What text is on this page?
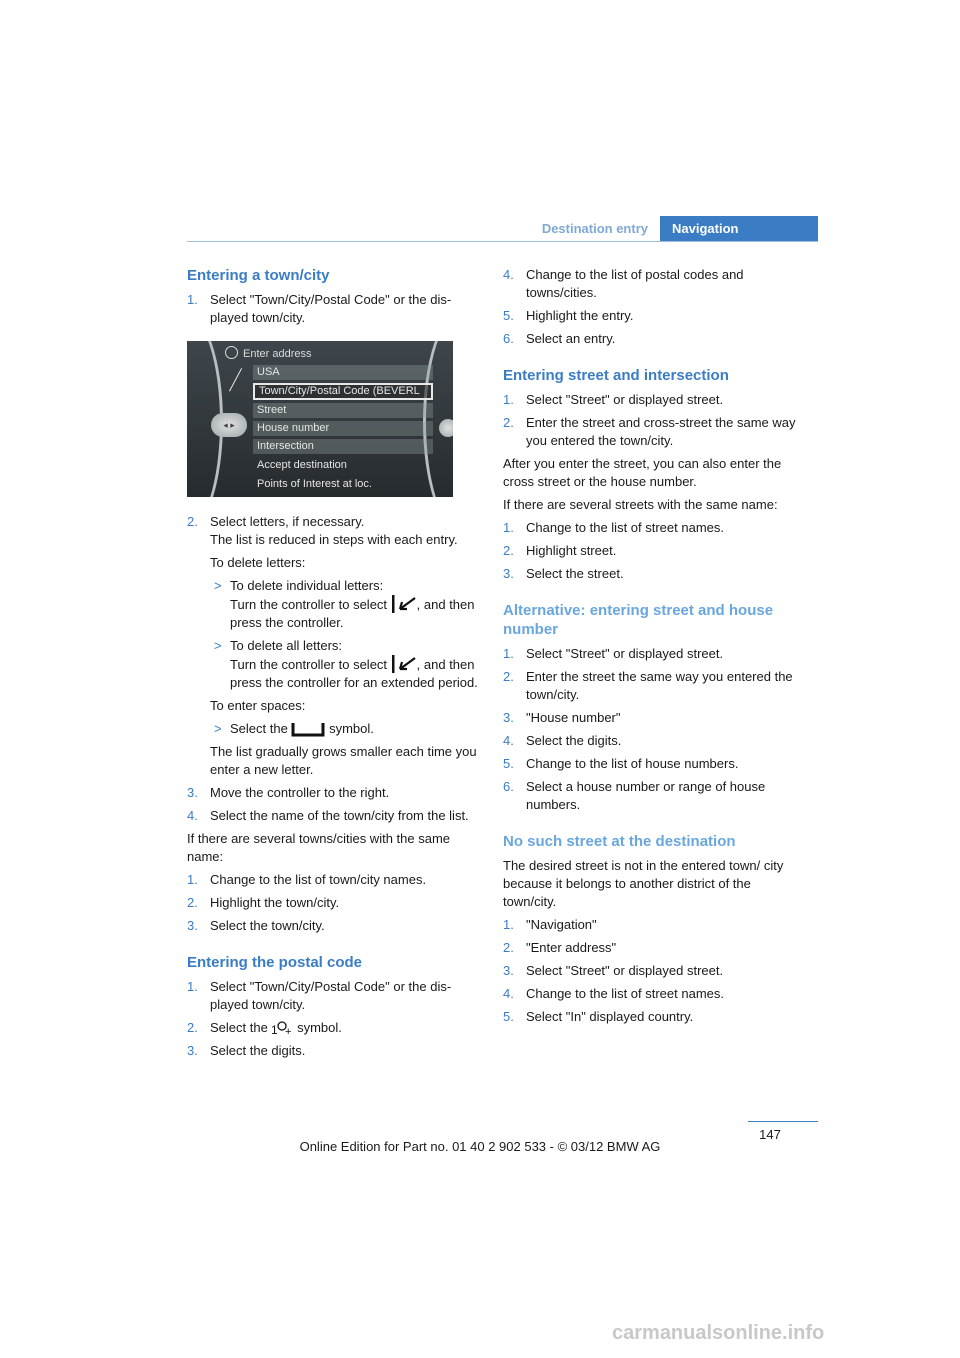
Destination entry	Navigation
Entering a town/city
1. Select "Town/City/Postal Code" or the dis-played town/city.
Enter address
USA
Town/City/Postal Code (BEVERL
Street
House number
Intersection
Accept destination
Points of Interest at loc.
◂ ▸
2. Select letters, if necessary.
The list is reduced in steps with each entry.
To delete letters:
> To delete individual letters:
Turn the controller to select , and then press the controller.
> To delete all letters:
Turn the controller to select , and then press the controller for an extended period.
To enter spaces:
> Select the	symbol.
The list gradually grows smaller each time you enter a new letter.
3. Move the controller to the right.
4. Select the name of the town/city from the list.

If there are several towns/cities with the same name:

1. Change to the list of town/city names.
2. Highlight the town/city.
3. Select the town/city.
Entering the postal code
1. Select "Town/City/Postal Code" or the dis-played town/city.
2. Select the 1 + symbol.
3. Select the digits.
4. Change to the list of postal codes and towns/cities.
5. Highlight the entry.
6. Select an entry.
Entering street and intersection
1. Select "Street" or displayed street.
2. Enter the street and cross-street the same way you entered the town/city.

After you enter the street, you can also enter the cross street or the house number.

If there are several streets with the same name:

1. Change to the list of street names.
2. Highlight street.
3. Select the street.
Alternative: entering street and house number
1. Select "Street" or displayed street.
2. Enter the street the same way you entered the town/city.
3. "House number"
4. Select the digits.
5. Change to the list of house numbers.
6. Select a house number or range of house numbers.
No such street at the destination

The desired street is not in the entered town/ city because it belongs to another district of the town/city.

1. "Navigation"
2. "Enter address"
3. Select "Street" or displayed street.
4. Change to the list of street names.
5. Select "In" displayed country.
147
Online Edition for Part no. 01 40 2 902 533 - © 03/12 BMW AG
carmanualsonline.info
